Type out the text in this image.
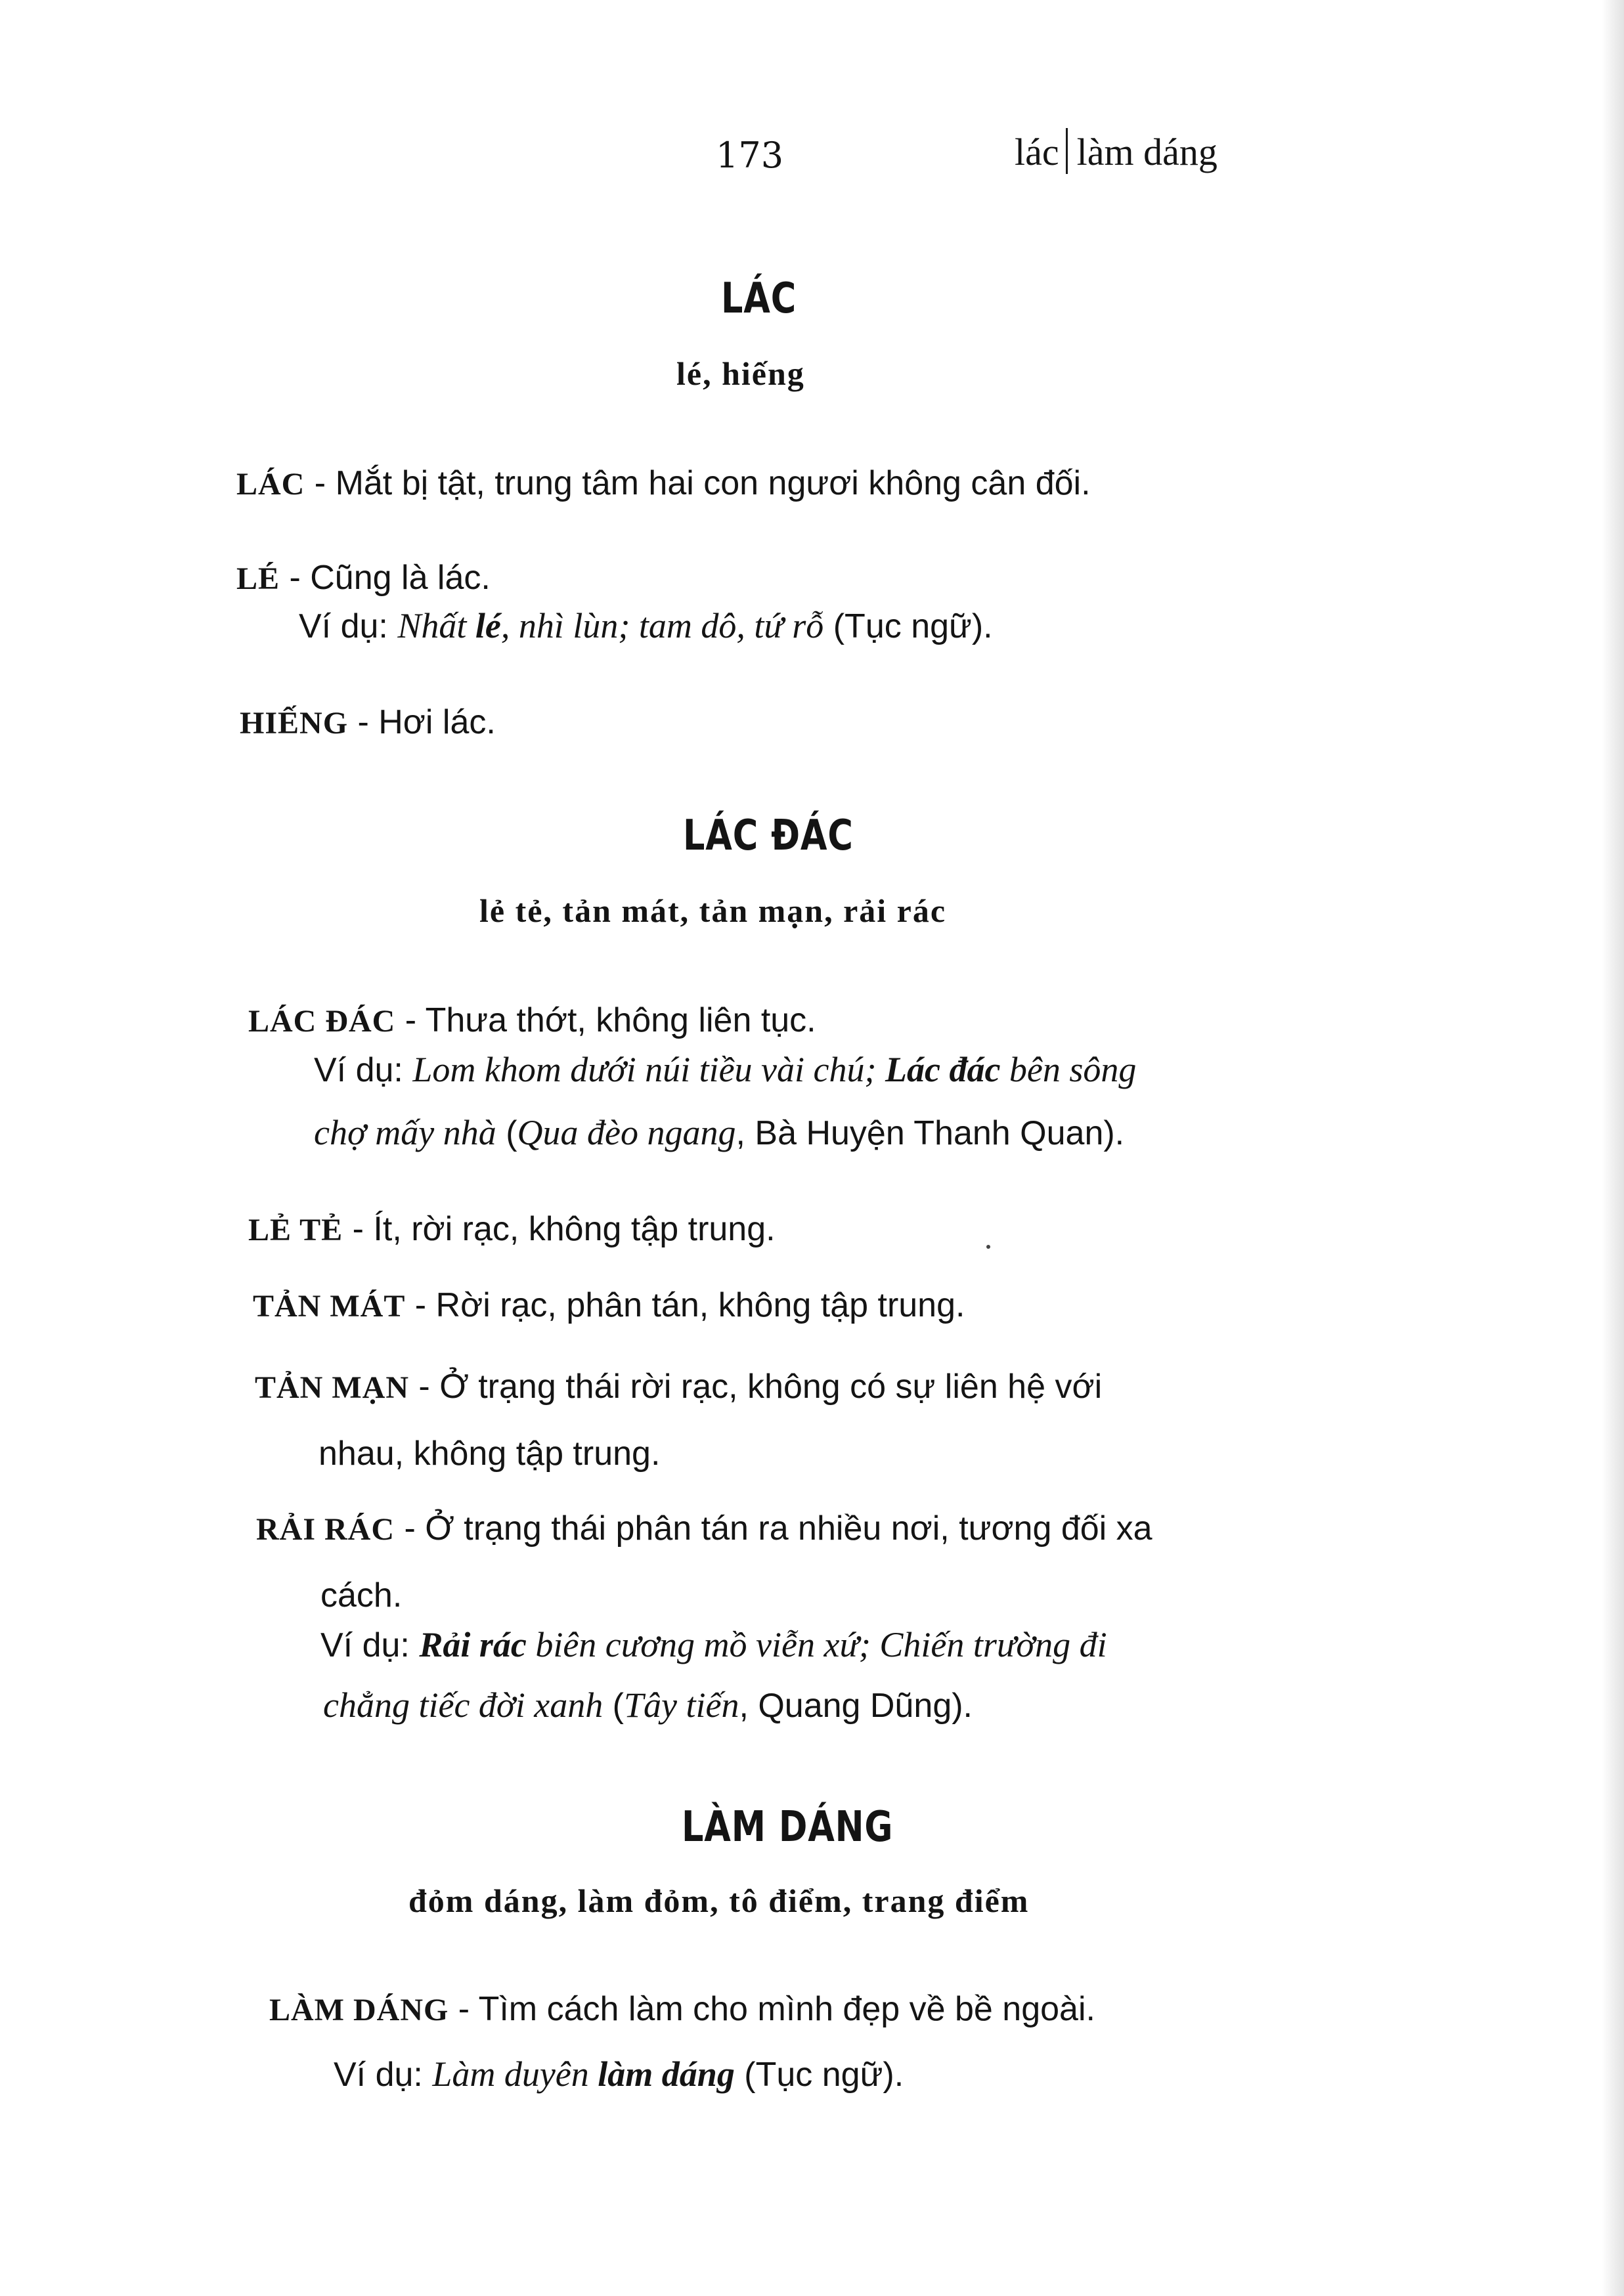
173	lác làm dáng
LÁC
lé, hiếng
LÁC - Mắt bị tật, trung tâm hai con ngươi không cân đối.
LÉ - Cũng là lác.
Ví dụ: Nhất lé, nhì lùn; tam dô, tứ rỗ (Tục ngữ).
HIẾNG - Hơi lác.
LÁC ĐÁC
lẻ tẻ, tản mát, tản mạn, rải rác
LÁC ĐÁC - Thưa thớt, không liên tục.
Ví dụ: Lom khom dưới núi tiều vài chú; Lác đác bên sông
chợ mấy nhà (Qua đèo ngang, Bà Huyện Thanh Quan).
LẺ TẺ - Ít, rời rạc, không tập trung.
TẢN MÁT - Rời rạc, phân tán, không tập trung.
TẢN MẠN - Ở trạng thái rời rạc, không có sự liên hệ với
nhau, không tập trung.
RẢI RÁC - Ở trạng thái phân tán ra nhiều nơi, tương đối xa
cách.
Ví dụ: Rải rác biên cương mồ viễn xứ; Chiến trường đi
chẳng tiếc đời xanh (Tây tiến, Quang Dũng).
LÀM DÁNG
đỏm dáng, làm đỏm, tô điểm, trang điểm
LÀM DÁNG - Tìm cách làm cho mình đẹp về bề ngoài.
Ví dụ: Làm duyên làm dáng (Tục ngữ).
